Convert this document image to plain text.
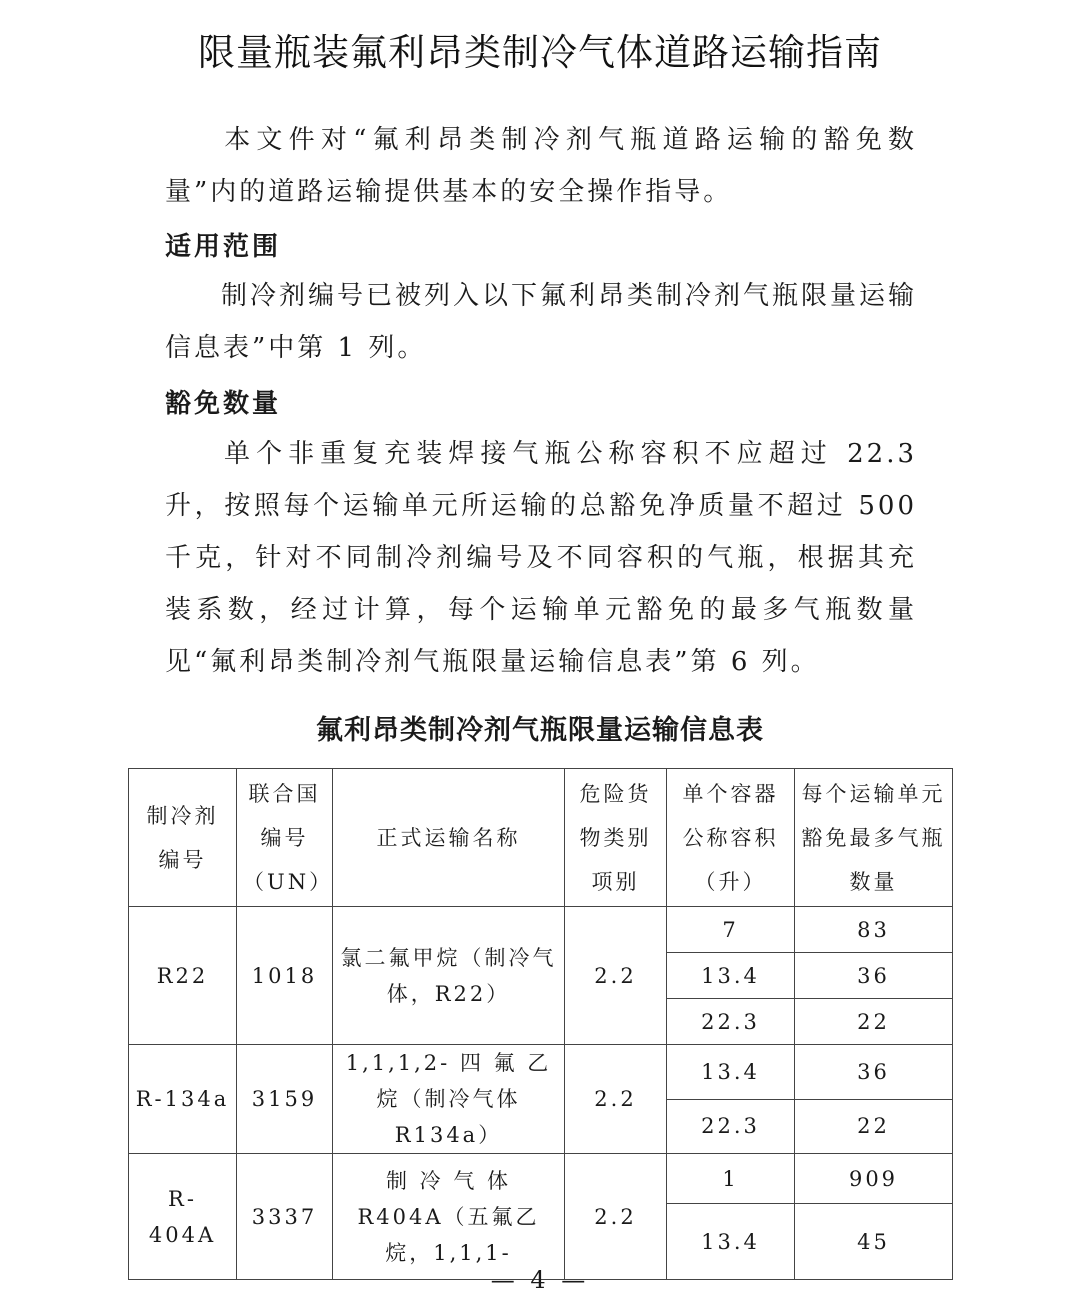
限量瓶装氟利昂类制冷气体道路运输指南
本文件对“氟利昂类制冷剂气瓶道路运输的豁免数量”内的道路运输提供基本的安全操作指导。
适用范围
制冷剂编号已被列入以下氟利昂类制冷剂气瓶限量运输信息表”中第 1 列。
豁免数量
单个非重复充装焊接气瓶公称容积不应超过 22.3 升，按照每个运输单元所运输的总豁免净质量不超过 500 千克，针对不同制冷剂编号及不同容积的气瓶，根据其充装系数，经过计算，每个运输单元豁免的最多气瓶数量见“氟利昂类制冷剂气瓶限量运输信息表”第 6 列。
氟利昂类制冷剂气瓶限量运输信息表
制冷剂编号	联合国编号（UN）	正式运输名称	危险货物类别项别	单个容器公称容积（升）	每个运输单元豁免最多气瓶数量
R22	1018	氯二氟甲烷（制冷气体，R22）	2.2	7	83
				13.4	36
				22.3	22
R-134a	3159	1,1,1,2- 四 氟 乙 烷（制冷气体 R134a）	2.2	13.4	36
				22.3	22
R-404A	3337	制 冷 气 体 R404A（五氟乙烷，1,1,1-	2.2	1	909
				13.4	45
— 4 —
